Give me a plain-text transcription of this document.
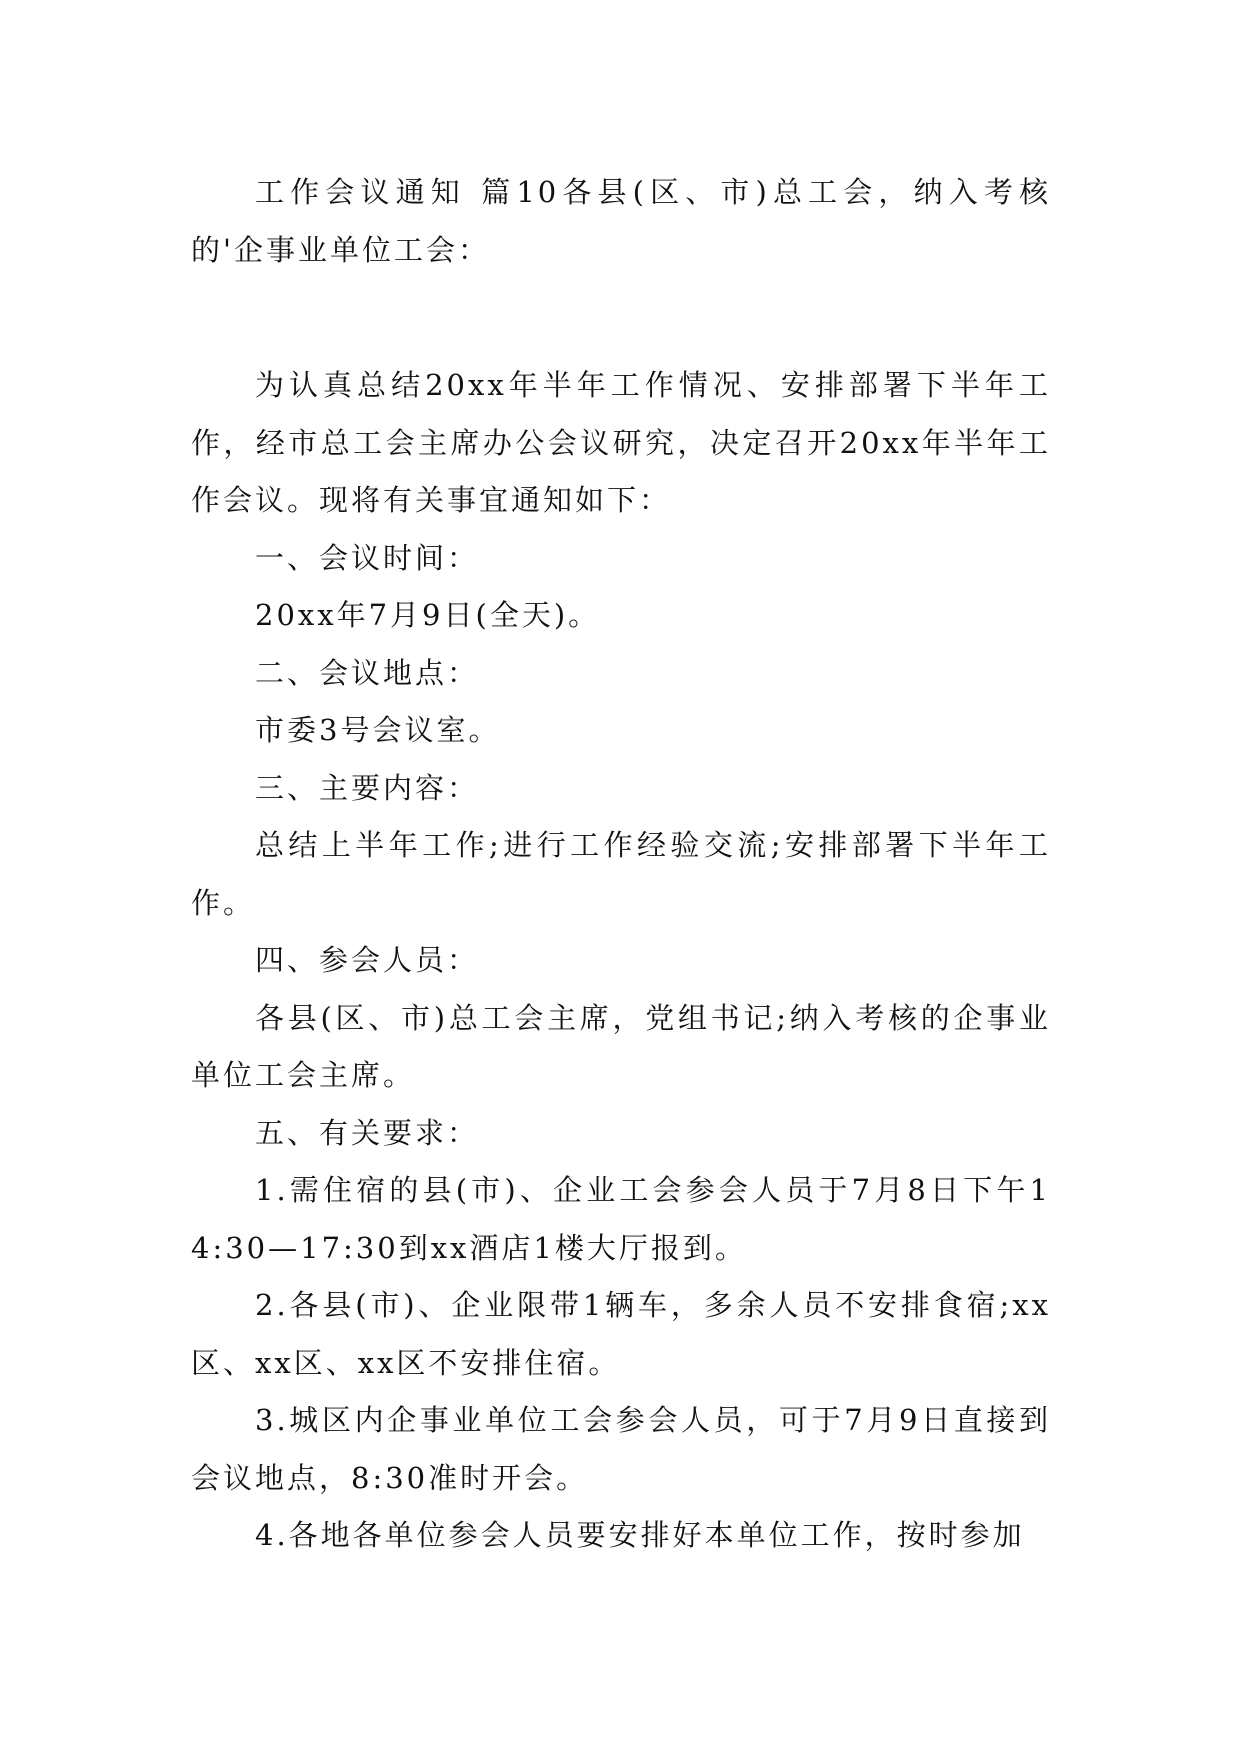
工作会议通知 篇10各县(区、市)总工会，纳入考核的'企事业单位工会：

为认真总结20xx年半年工作情况、安排部署下半年工作，经市总工会主席办公会议研究，决定召开20xx年半年工作会议。现将有关事宜通知如下：

一、会议时间：

20xx年7月9日(全天)。

二、会议地点：

市委3号会议室。

三、主要内容：

总结上半年工作;进行工作经验交流;安排部署下半年工作。

四、参会人员：

各县(区、市)总工会主席，党组书记;纳入考核的企事业单位工会主席。

五、有关要求：

1.需住宿的县(市)、企业工会参会人员于7月8日下午14:30—17:30到xx酒店1楼大厅报到。

2.各县(市)、企业限带1辆车，多余人员不安排食宿;xx区、xx区、xx区不安排住宿。

3.城区内企事业单位工会参会人员，可于7月9日直接到会议地点，8:30准时开会。

4.各地各单位参会人员要安排好本单位工作，按时参加
